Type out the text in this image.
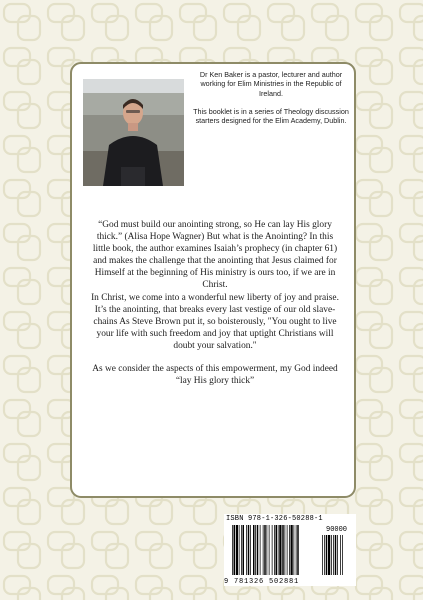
Dr Ken Baker is a pastor, lecturer and author working for Elim Ministries in the Republic of Ireland.

This booklet is in a series of Theology discussion starters designed for the Elim Academy, Dublin.

“God must build our anointing strong, so He can lay His glory thick.” (Alisa Hope Wagner) But what is the Anointing? In this little book, the author examines Isaiah’s prophecy (in chapter 61) and makes the challenge that the anointing that Jesus claimed for Himself at the beginning of His ministry is ours too, if we are in Christ.

In Christ, we come into a wonderful new liberty of joy and praise. It’s the anointing, that breaks every last vestige of our old slave-chains As Steve Brown put it, so boisterously, "You ought to live your life with such freedom and joy that uptight Christians will doubt your salvation."

As we consider the aspects of this empowerment, my God indeed “lay His glory thick”

ISBN 978-1-326-50288-1
90000
9 781326 502881
